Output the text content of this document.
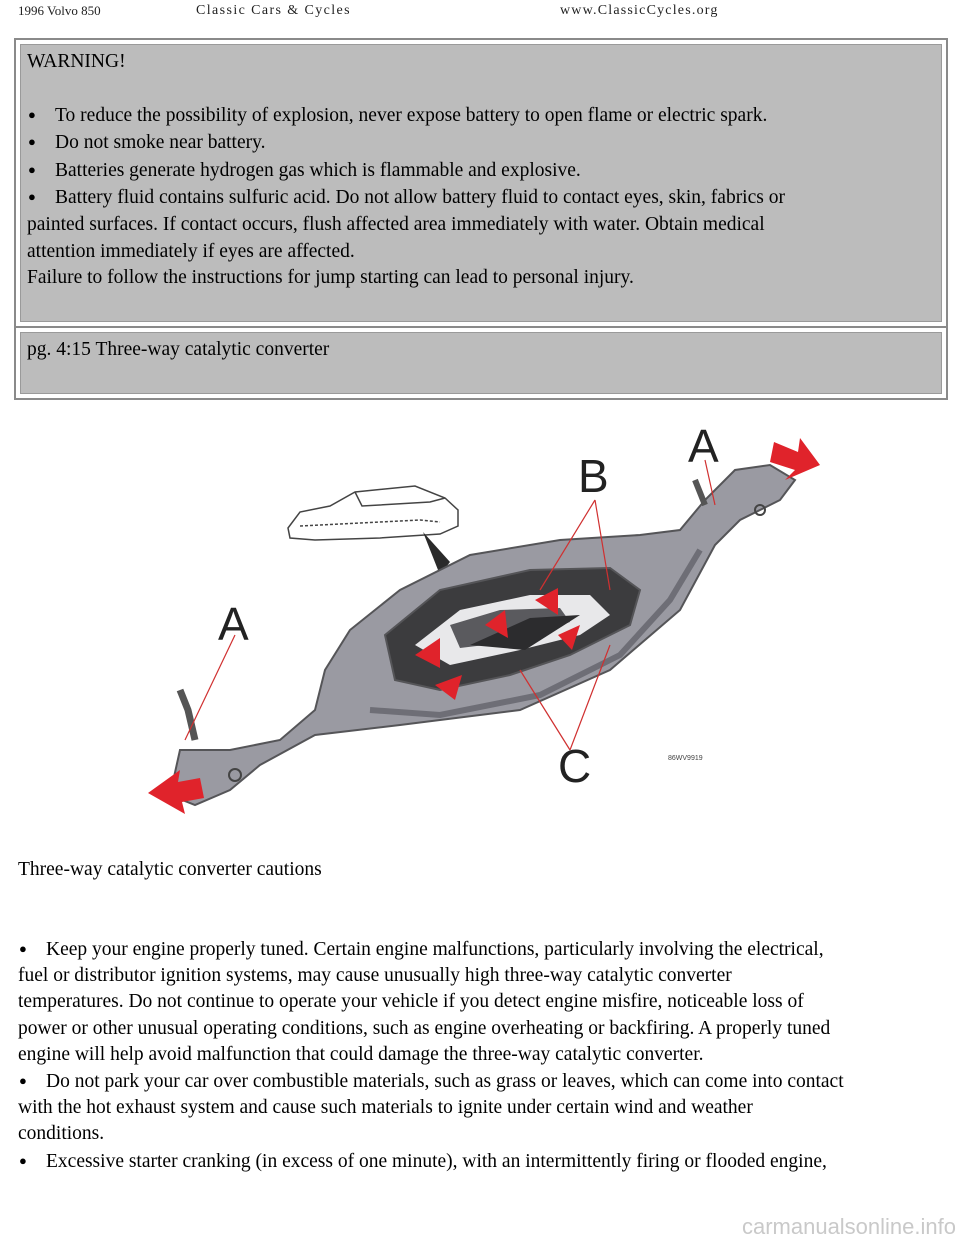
1996 Volvo 850	Classic Cars & Cycles	www.ClassicCycles.org
WARNING!
● To reduce the possibility of explosion, never expose battery to open flame or electric spark.
● Do not smoke near battery.
● Batteries generate hydrogen gas which is flammable and explosive.
● Battery fluid contains sulfuric acid. Do not allow battery fluid to contact eyes, skin, fabrics or
painted surfaces. If contact occurs, flush affected area immediately with water. Obtain medical
attention immediately if eyes are affected.
Failure to follow the instructions for jump starting can lead to personal injury.
pg. 4:15 Three-way catalytic converter
B
A
A
C	86WV9919
Three-way catalytic converter cautions
● Keep your engine properly tuned. Certain engine malfunctions, particularly involving the electrical,
fuel or distributor ignition systems, may cause unusually high three-way catalytic converter
temperatures. Do not continue to operate your vehicle if you detect engine misfire, noticeable loss of
power or other unusual operating conditions, such as engine overheating or backfiring. A properly tuned
engine will help avoid malfunction that could damage the three-way catalytic converter.
● Do not park your car over combustible materials, such as grass or leaves, which can come into contact
with the hot exhaust system and cause such materials to ignite under certain wind and weather
conditions.
● Excessive starter cranking (in excess of one minute), with an intermittently firing or flooded engine,
carmanualsonline.info
